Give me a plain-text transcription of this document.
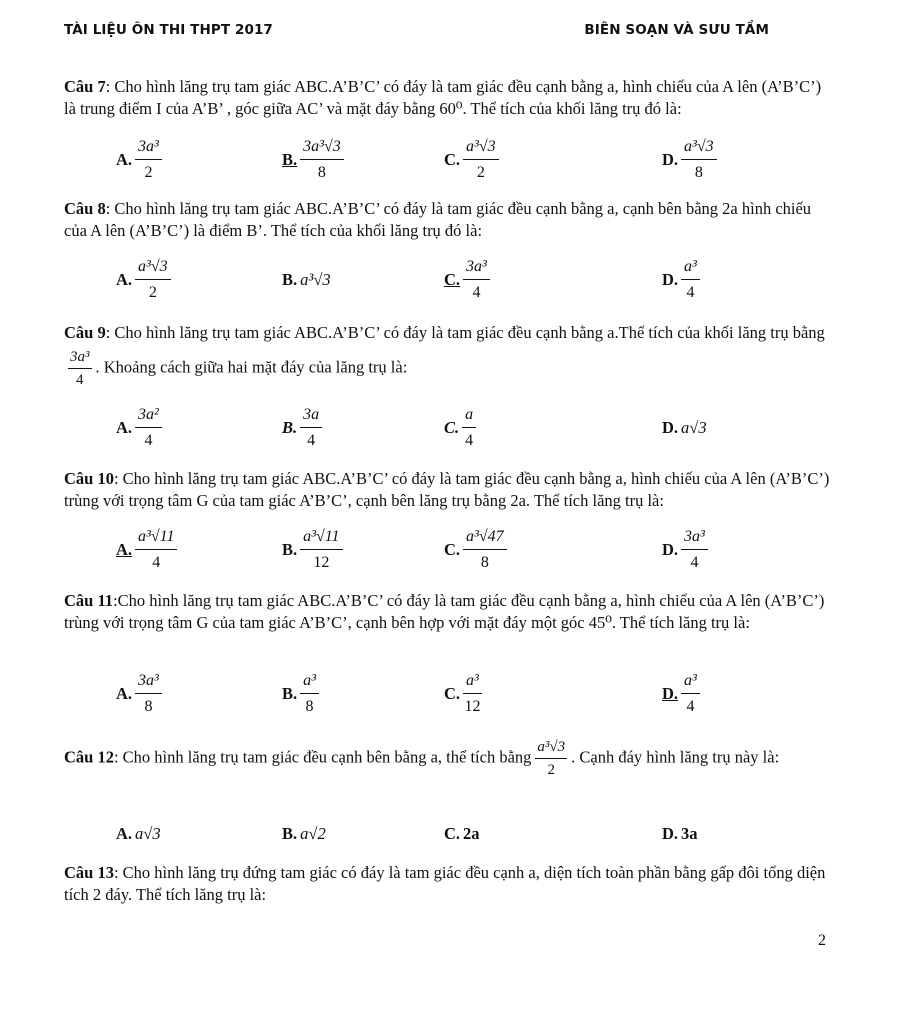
TÀI LIỆU ÔN THI THPT 2017	BIÊN SOẠN VÀ SƯU TẦM
Câu 7: Cho hình lăng trụ tam giác ABC.A’B’C’ có đáy là tam giác đều cạnh bằng a, hình chiếu của A lên (A’B’C’) là trung điểm I của A’B’ , góc giữa AC’ và mặt đáy bằng 60⁰. Thể tích của khối lăng trụ đó là:
A. $\frac{\text{3a³}}{2}$	B. $\frac{\text{3a³√3}}{8}$	C. $\frac{\text{a³√3}}{2}$	D. $\frac{\text{a³√3}}{8}$
Câu 8: Cho hình lăng trụ tam giác ABC.A’B’C’ có đáy là tam giác đều cạnh bằng a, cạnh bên bằng 2a hình chiếu của A lên (A’B’C’) là điểm B’. Thể tích của khối lăng trụ đó là:
A. $\frac{\text{a³√3}}{2}$	B. a³√3	C. $\frac{\text{3a³}}{4}$	D. $\frac{\text{a³}}{4}$
Câu 9: Cho hình lăng trụ tam giác ABC.A’B’C’ có đáy là tam giác đều cạnh bằng a.Thể tích của khối lăng trụ bằng
$\frac{\text{3a³}}{4}$ . Khoảng cách giữa hai mặt đáy của lăng trụ là:
A. $\frac{\text{3a²}}{4}$	B. $\frac{3a}{4}$	C. $\frac{a}{4}$	D. a√3
Câu 10: Cho hình lăng trụ tam giác ABC.A’B’C’ có đáy là tam giác đều cạnh bằng a, hình chiếu của A lên (A’B’C’) trùng với trọng tâm G của tam giác A’B’C’, cạnh bên lăng trụ bằng 2a. Thể tích lăng trụ là:
A. $\frac{\text{a³√11}}{4}$	B. $\frac{\text{a³√11}}{12}$	C. $\frac{\text{a³√47}}{8}$	D. $\frac{\text{3a³}}{4}$
Câu 11:Cho hình lăng trụ tam giác ABC.A’B’C’ có đáy là tam giác đều cạnh bằng a, hình chiếu của A lên (A’B’C’) trùng với trọng tâm G của tam giác A’B’C’, cạnh bên hợp với mặt đáy một góc 45⁰. Thể tích lăng trụ là:
A. $\frac{\text{3a³}}{8}$	B. $\frac{\text{a³}}{8}$	C. $\frac{\text{a³}}{12}$	D. $\frac{\text{a³}}{4}$
Câu 12: Cho hình lăng trụ tam giác đều cạnh bên bằng a, thể tích bằng $\frac{\text{a³√3}}{2}$ . Cạnh đáy hình lăng trụ này là:
A. a√3	B. a√2	C. 2a	D. 3a
Câu 13: Cho hình lăng trụ đứng tam giác có đáy là tam giác đều cạnh a, diện tích toàn phần bằng gấp đôi tổng diện tích 2 đáy. Thể tích lăng trụ là:
2
